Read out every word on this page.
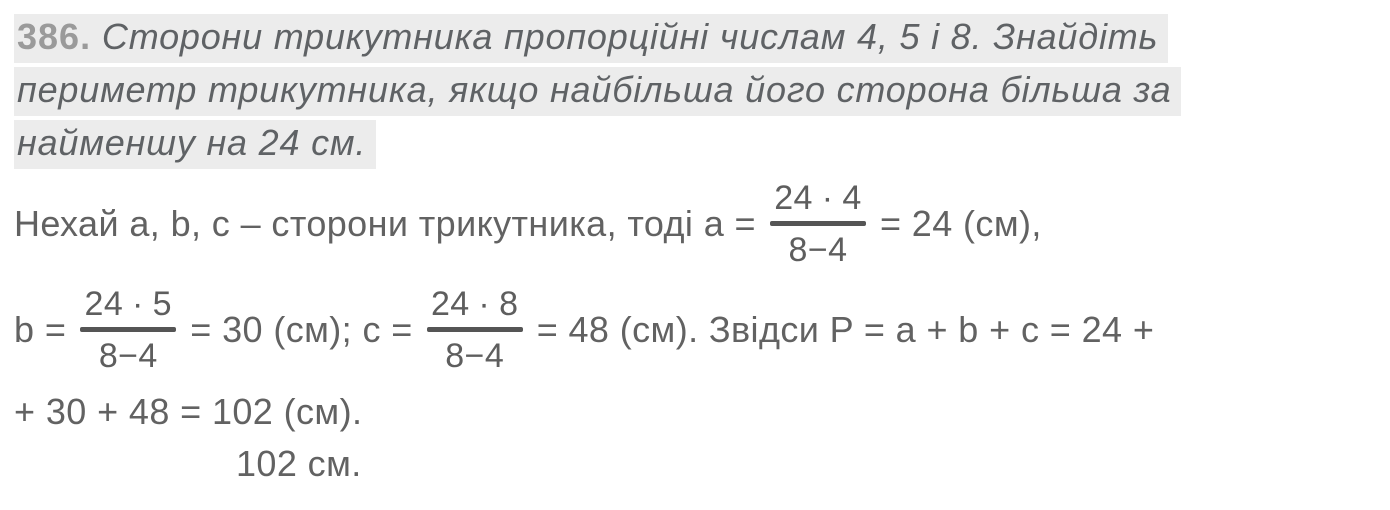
386. Сторони трикутника пропорційні числам 4, 5 і 8. Знайдіть
периметр трикутника, якщо найбільша його сторона більша за
найменшу на 24 см.
Нехай a, b, c – сторони трикутника, тоді a =
24 ∙ 4
8−4
= 24 (см),
b =
24 ∙ 5
8−4
= 30 (см); c =
24 ∙ 8
8−4
= 48 (см). Звідси P = a + b + c = 24 +
+ 30 + 48 = 102 (см).
102 см.
